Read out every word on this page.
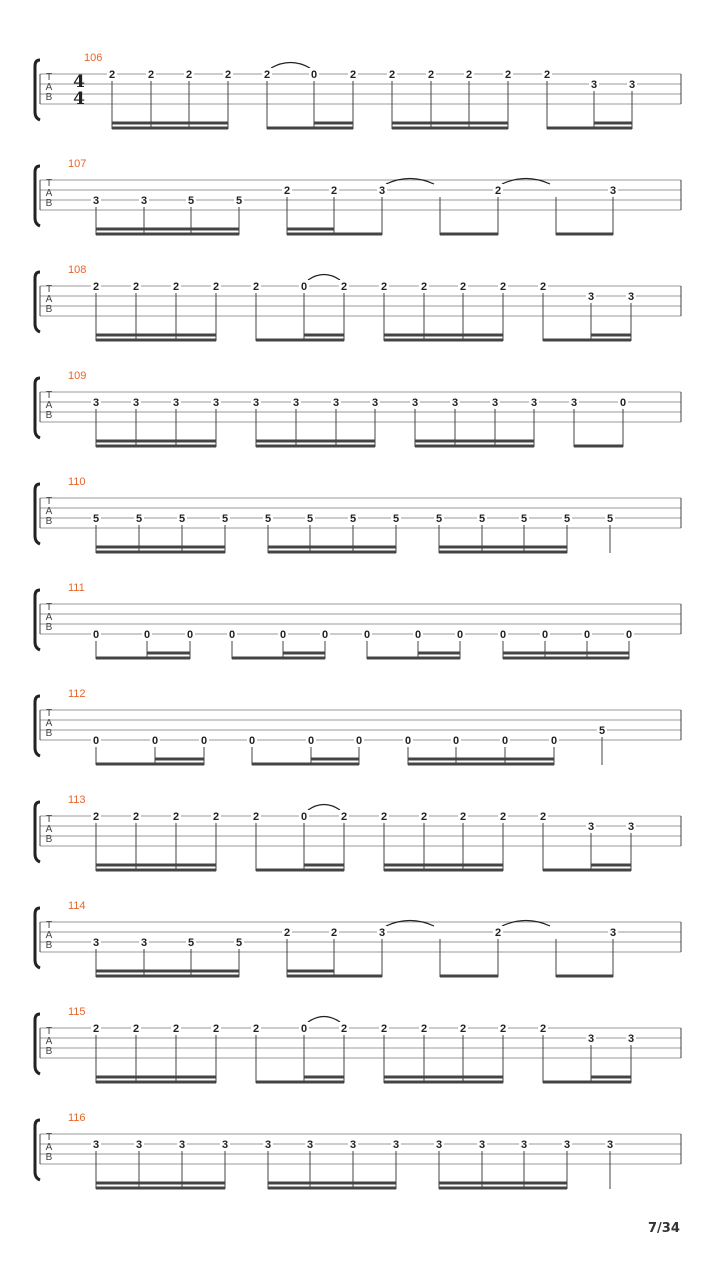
T
A
B
106
4
4
2	2	2	2	2	0	2	2	2	2	2	2
3	3
T
A
B
107
3	3	5	5
2	2	3	2	3
T
A
B
108
2	2	2	2	2	0	2	2	2	2	2	2
3	3
T
A
B
109
3	3	3	3	3	3	3	3	3	3	3	3	3	0
T
A
B
110
5	5	5	5	5	5	5	5	5	5	5	5	5
T
A
B
111
0	0	0	0	0	0	0	0	0	0	0	0	0
T
A
B
112
0	0	0	0	0	0	0	0	0	0
5
T
A
B
113
2	2	2	2	2	0	2	2	2	2	2	2
3	3
T
A
B
114
3	3	5	5
2	2	3	2	3
T
A
B
115
2	2	2	2	2	0	2	2	2	2	2	2
3	3
T
A
B
116
3	3	3	3	3	3	3	3	3	3	3	3	3
7/34
